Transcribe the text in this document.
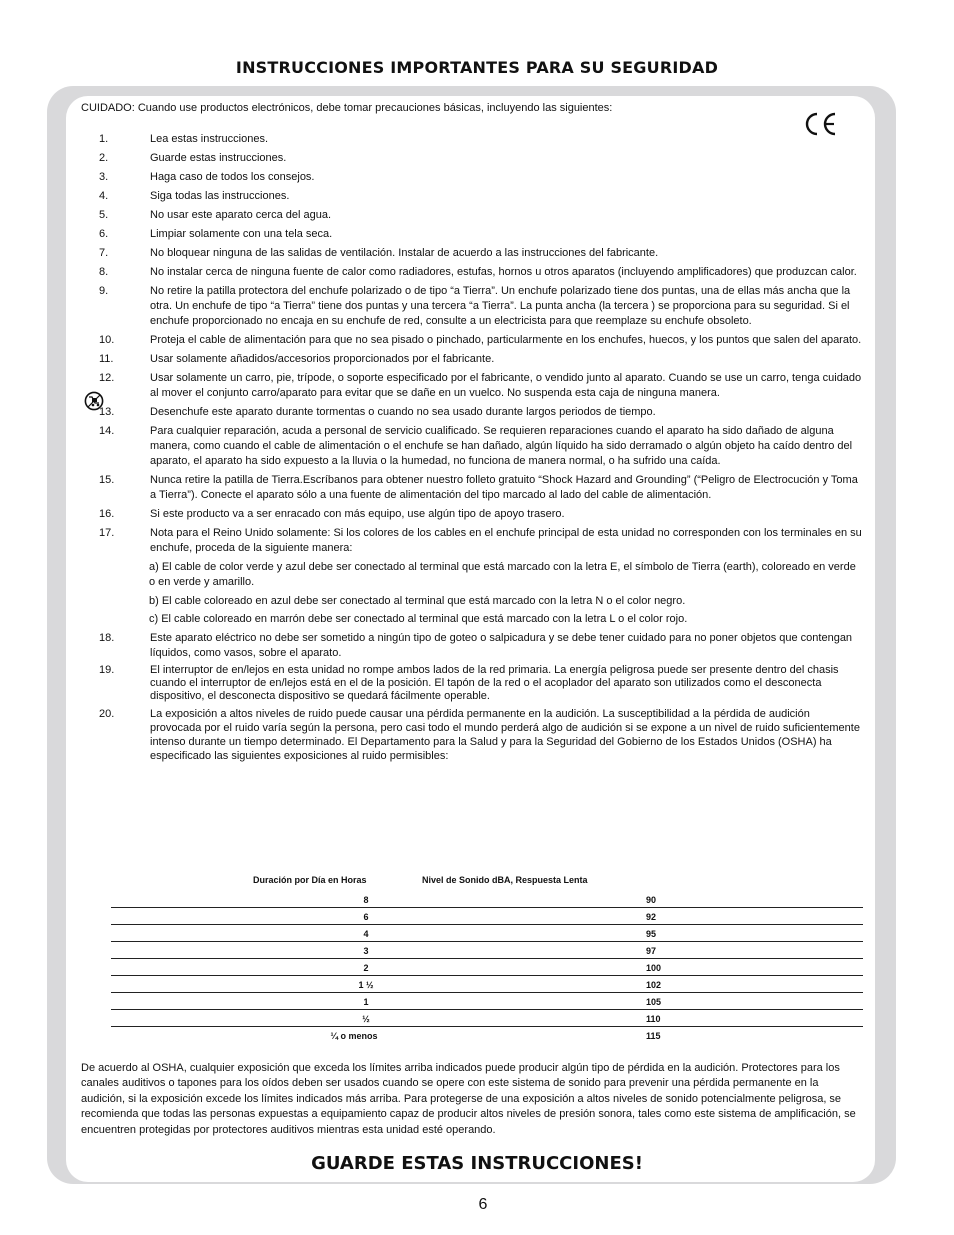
INSTRUCCIONES IMPORTANTES PARA SU SEGURIDAD
CUIDADO: Cuando use productos electrónicos, debe tomar precauciones básicas, incluyendo las siguientes:
1.	Lea estas instrucciones.
2.	Guarde estas instrucciones.
3.	Haga caso de todos los consejos.
4.	Siga todas las instrucciones.
5.	No usar este aparato cerca del agua.
6.	Limpiar solamente con una tela seca.
7.	No bloquear ninguna de las salidas de ventilación. Instalar de acuerdo a las instrucciones del fabricante.
8.	No instalar cerca de ninguna fuente de calor como radiadores, estufas, hornos u otros aparatos (incluyendo amplificadores) que produzcan calor.
9.	No retire la patilla protectora del enchufe polarizado o de tipo “a Tierra”. Un enchufe polarizado tiene dos puntas, una de ellas más ancha que la otra. Un enchufe de tipo “a Tierra” tiene dos puntas y una tercera “a Tierra”. La punta ancha (la tercera ) se proporciona para su seguridad. Si el enchufe proporcionado no encaja en su enchufe de red, consulte a un electricista para que reemplaze su enchufe obsoleto.
10.	Proteja el cable de alimentación para que no sea pisado o pinchado, particularmente en los enchufes, huecos, y los puntos que salen del aparato.
11.	Usar solamente añadidos/accesorios proporcionados por el fabricante.
12.	Usar solamente un carro, pie, trípode, o soporte especificado por el fabricante, o vendido junto al aparato. Cuando se use un carro, tenga cuidado al mover el conjunto carro/aparato para evitar que se dañe en un vuelco. No suspenda esta caja de ninguna manera.
13.	Desenchufe este aparato durante tormentas o cuando no sea usado durante largos periodos de tiempo.
14.	Para cualquier reparación, acuda a personal de servicio cualificado. Se requieren reparaciones cuando el aparato ha sido dañado de alguna manera, como cuando el cable de alimentación o el enchufe se han dañado, algún líquido ha sido derramado o algún objeto ha caído dentro del aparato, el aparato ha sido expuesto a la lluvia o la humedad, no funciona de manera normal, o ha sufrido una caída.
15.	Nunca retire la patilla de Tierra.Escríbanos para obtener nuestro folleto gratuito “Shock Hazard and Grounding” (“Peligro de Electrocución y Toma a Tierra”). Conecte el aparato sólo a una fuente de alimentación del tipo marcado al lado del cable de alimentación.
16.	Si este producto va a ser enracado con más equipo, use algún tipo de apoyo trasero.
17.	Nota para el Reino Unido solamente: Si los colores de los cables en el enchufe principal de esta unidad no corresponden con los terminales en su enchufe, proceda de la siguiente manera:
a) El cable de color verde y azul debe ser conectado al terminal que está marcado con la letra E, el símbolo de Tierra (earth), coloreado en verde o en verde y amarillo.
b) El cable coloreado en azul debe ser conectado al terminal que está marcado con la letra N o el color negro.
c) El cable coloreado en marrón debe ser conectado al terminal que está marcado con la letra L o el color rojo.
18.	Este aparato eléctrico no debe ser sometido a ningún tipo de goteo o salpicadura y se debe tener cuidado para no poner objetos que contengan líquidos, como vasos, sobre el aparato.
19.	El interruptor de en/lejos en esta unidad no rompe ambos lados de la red primaria. La energía peligrosa puede ser presente dentro del chasis cuando el interruptor de en/lejos está en el de la posición. El tapón de la red o el acoplador del aparato son utilizados como el desconecta dispositivo, el desconecta dispositivo se quedará fácilmente operable.
20.	La exposición a altos niveles de ruido puede causar una pérdida permanente en la audición. La susceptibilidad a la pérdida de audición provocada por el ruido varía según la persona, pero casi todo el mundo perderá algo de audición si se expone a un nivel de ruido suficientemente intenso durante un tiempo determinado. El Departamento para la Salud y para la Seguridad del Gobierno de los Estados Unidos (OSHA) ha especificado las siguientes exposiciones al ruido permisibles:
Duración por Día en Horas	Nivel de Sonido dBA, Respuesta Lenta
8	90
6	92
4	95
3	97
2	100
1 ½	102
1	105
½	110
¼ o menos	115
De acuerdo al OSHA, cualquier exposición que exceda los límites arriba indicados puede producir algún tipo de pérdida en la audición. Protectores para los canales auditivos o tapones para los oídos deben ser usados cuando se opere con este sistema de sonido para prevenir una pérdida permanente en la audición, si la exposición excede los límites indicados más arriba. Para protegerse de una exposición a altos niveles de sonido potencialmente peligrosa, se recomienda que todas las personas expuestas a equipamiento capaz de producir altos niveles de presión sonora, tales como este sistema de amplificación, se encuentren protegidas por protectores auditivos mientras esta unidad esté operando.
GUARDE ESTAS INSTRUCCIONES!
6
